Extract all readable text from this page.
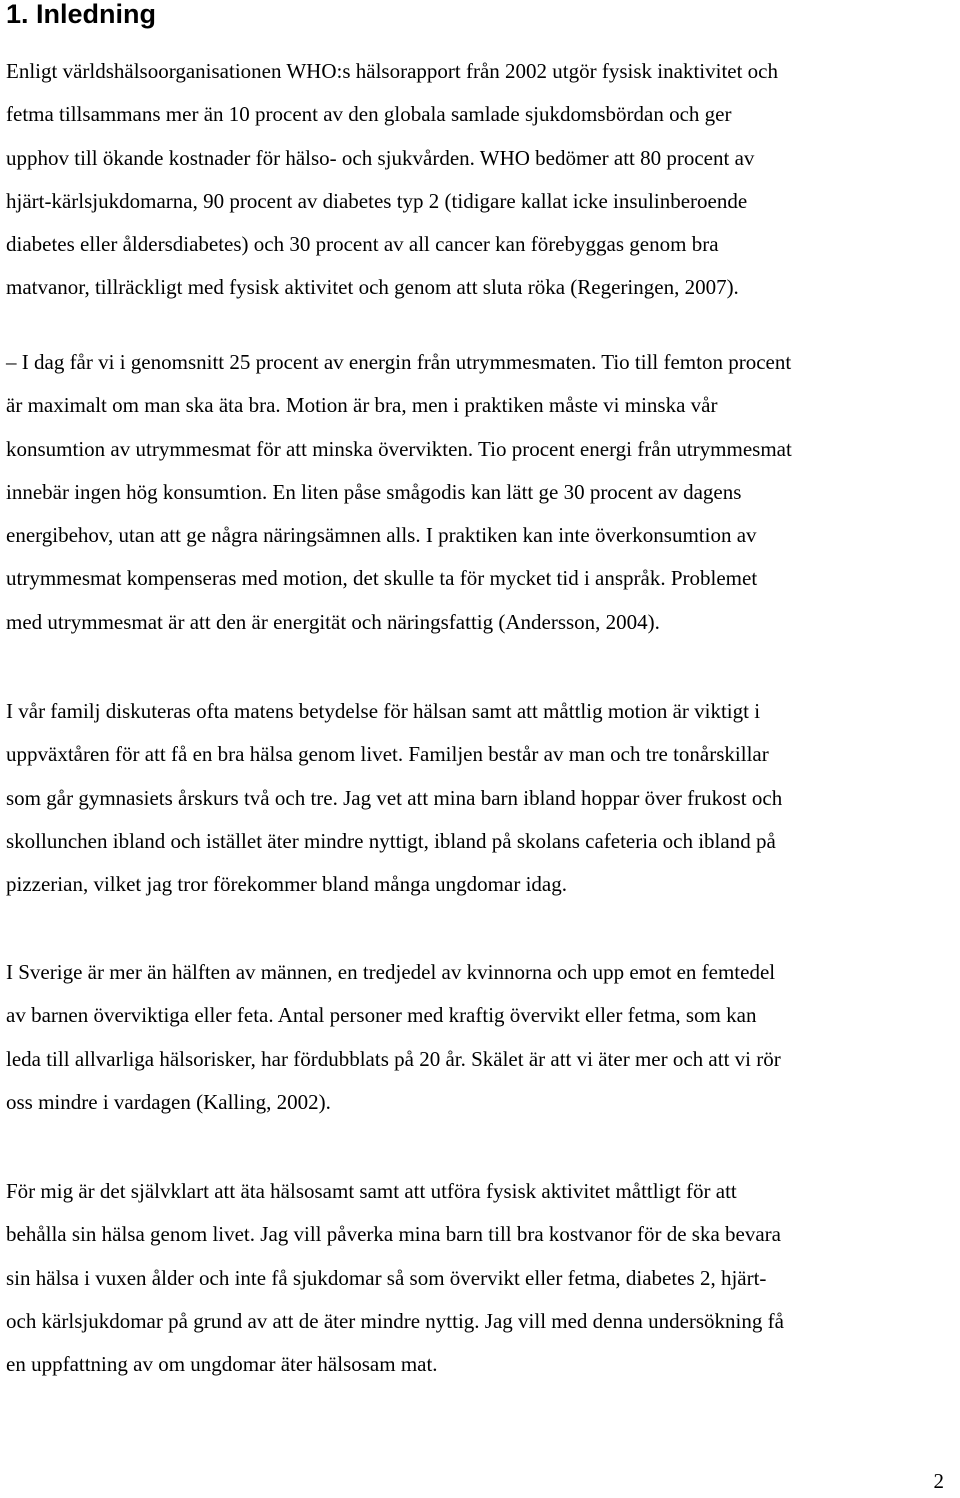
1. Inledning
Enligt världshälsoorganisationen WHO:s hälsorapport från 2002 utgör fysisk inaktivitet och
fetma tillsammans mer än 10 procent av den globala samlade sjukdomsbördan och ger
upphov till ökande kostnader för hälso- och sjukvården. WHO bedömer att 80 procent av
hjärt-kärlsjukdomarna, 90 procent av diabetes typ 2 (tidigare kallat icke insulinberoende
diabetes eller åldersdiabetes) och 30 procent av all cancer kan förebyggas genom bra
matvanor, tillräckligt med fysisk aktivitet och genom att sluta röka (Regeringen, 2007).
– I dag får vi i genomsnitt 25 procent av energin från utrymmesmaten. Tio till femton procent
är maximalt om man ska äta bra. Motion är bra, men i praktiken måste vi minska vår
konsumtion av utrymmesmat för att minska övervikten. Tio procent energi från utrymmesmat
innebär ingen hög konsumtion. En liten påse smågodis kan lätt ge 30 procent av dagens
energibehov, utan att ge några näringsämnen alls. I praktiken kan inte överkonsumtion av
utrymmesmat kompenseras med motion, det skulle ta för mycket tid i anspråk. Problemet
med utrymmesmat är att den är energität och näringsfattig (Andersson, 2004).
I vår familj diskuteras ofta matens betydelse för hälsan samt att måttlig motion är viktigt i
uppväxtåren för att få en bra hälsa genom livet. Familjen består av man och tre tonårskillar
som går gymnasiets årskurs två och tre. Jag vet att mina barn ibland hoppar över frukost och
skollunchen ibland och istället äter mindre nyttigt, ibland på skolans cafeteria och ibland på
pizzerian, vilket jag tror förekommer bland många ungdomar idag.
I Sverige är mer än hälften av männen, en tredjedel av kvinnorna och upp emot en femtedel
av barnen överviktiga eller feta. Antal personer med kraftig övervikt eller fetma, som kan
leda till allvarliga hälsorisker, har fördubblats på 20 år. Skälet är att vi äter mer och att vi rör
oss mindre i vardagen (Kalling, 2002).
För mig är det självklart att äta hälsosamt samt att utföra fysisk aktivitet måttligt för att
behålla sin hälsa genom livet. Jag vill påverka mina barn till bra kostvanor för de ska bevara
sin hälsa i vuxen ålder och inte få sjukdomar så som övervikt eller fetma, diabetes 2, hjärt-
och kärlsjukdomar på grund av att de äter mindre nyttig. Jag vill med denna undersökning få
en uppfattning av om ungdomar äter hälsosam mat.
2
